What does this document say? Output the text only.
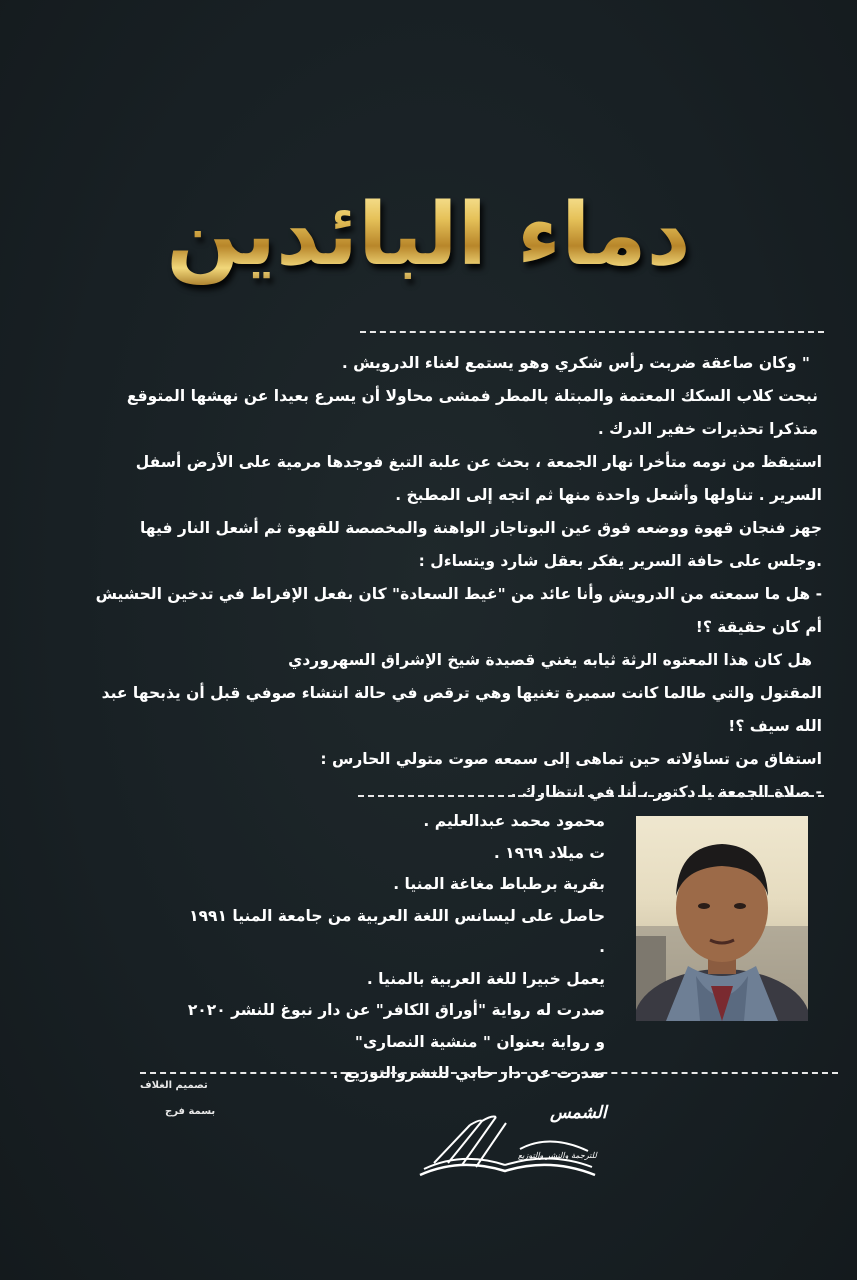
دماء البائدين

" وكان صاعقة ضربت رأس شكري وهو يستمع لغناء الدرويش .

نبحت كلاب السكك المعتمة والمبتلة بالمطر فمشى محاولا أن يسرع بعيدا عن نهشها المتوقع متذكرا تحذيرات خفير الدرك .

استيقظ من نومه متأخرا نهار الجمعة ، بحث عن علبة التبغ فوجدها مرمية على الأرض أسفل السرير . تناولها وأشعل واحدة منها ثم اتجه إلى المطبخ .

جهز فنجان قهوة ووضعه فوق عين البوتاجاز الواهنة والمخصصة للقهوة ثم أشعل النار فيها .وجلس على حافة السرير يفكر بعقل شارد ويتساءل :

- هل ما سمعته من الدرويش وأنا عائد من "غيط السعادة" كان بفعل الإفراط في تدخين الحشيش أم كان حقيقة ؟!

هل كان هذا المعتوه الرثة ثيابه يغني قصيدة شيخ الإشراق السهروردي

المقتول والتي طالما كانت سميرة تغنيها وهي ترقص في حالة انتشاء صوفي قبل أن يذبحها عبد الله سيف ؟!

استفاق من تساؤلاته حين تماهى إلى سمعه صوت متولي الحارس :

- صلاة الجمعة يا دكتور ، أنا في انتظارك .

محمود محمد عبدالعليم .
ت ميلاد ١٩٦٩ .
بقرية برطباط مغاغة المنيا .
حاصل على ليسانس اللغة العربية من جامعة المنيا ١٩٩١ .
يعمل خبيرا للغة العربية بالمنيا .
صدرت له رواية "أوراق الكافر" عن دار نبوغ للنشر ٢٠٢٠
و رواية بعنوان " منشية النصارى"
صدرت عن دار حابي للنشروالتوزيع .
تصميم الغلاف
بسمة فرج	الشمس
للترجمة والنشر والتوزيع
